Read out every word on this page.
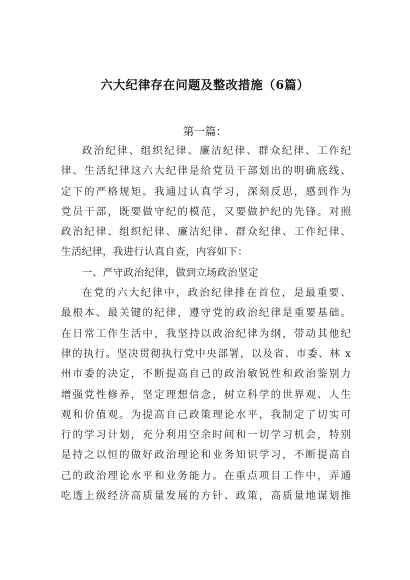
六大纪律存在问题及整改措施（6篇）
第一篇：
政治纪律、组织纪律、廉洁纪律、群众纪律、工作纪
律、生活纪律这六大纪律是给党员干部划出的明确底线、
定下的严格规矩。我通过认真学习，深刻反思，感到作为
党员干部，既要做守纪的模范，又要做护纪的先锋。对照
政治纪律、组织纪律、廉洁纪律、群众纪律、工作纪律、
生活纪律，我进行认真自查，内容如下：
一、严守政治纪律，做到立场政治坚定
在党的六大纪律中，政治纪律排在首位，是最重要、
最根本、最关键的纪律，遵守党的政治纪律是重要基础。
在日常工作生活中，我坚持以政治纪律为纲，带动其他纪
律的执行。坚决贯彻执行党中央部署，以及省、市委、林 x
州市委的决定，不断提高自己的政治敏锐性和政治鉴别力
增强党性修养，坚定理想信念，树立科学的世界观、人生
观和价值观。为提高自己政策理论水平，我制定了切实可
行的学习计划，充分利用空余时间和一切学习机会，特别
是持之以恒的做好政治理论和业务知识学习，不断提高自
己的政治理论水平和业务能力。在重点项目工作中，弄通
吃透上级经济高质量发展的方针、政策，高质量地谋划推
